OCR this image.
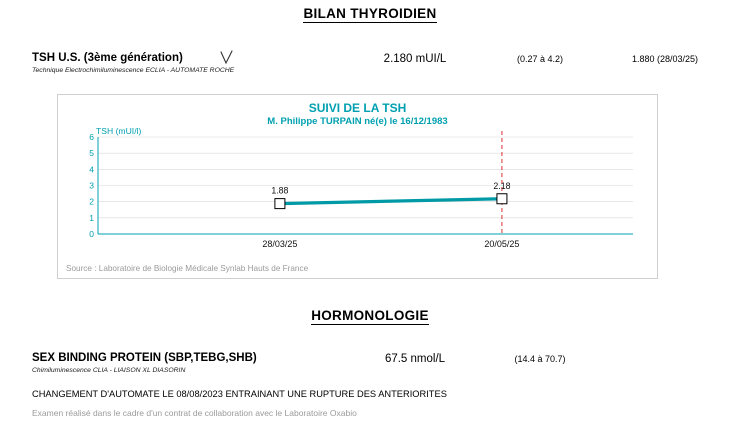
BILAN THYROIDIEN
TSH U.S. (3ème génération)
Technique Electrochimiluminescence ECLIA - AUTOMATE ROCHE
2.180 mUI/L	(0.27 à 4.2)	1.880 (28/03/25)
SUIVI DE LA TSH
M. Philippe TURPAIN né(e) le 16/12/1983
TSH (mUI/l)
0
1
2
3
4
5
6
1.88
28/03/25
2.18
20/05/25
Source : Laboratoire de Biologie Médicale Synlab Hauts de France
HORMONOLOGIE
SEX BINDING PROTEIN (SBP,TEBG,SHB)
Chimiluminescence CLIA - LIAISON XL DIASORIN
67.5 nmol/L	(14.4 à 70.7)
CHANGEMENT D'AUTOMATE LE 08/08/2023 ENTRAINANT UNE RUPTURE DES ANTERIORITES
Examen réalisé dans le cadre d'un contrat de collaboration avec le Laboratoire Oxabio
